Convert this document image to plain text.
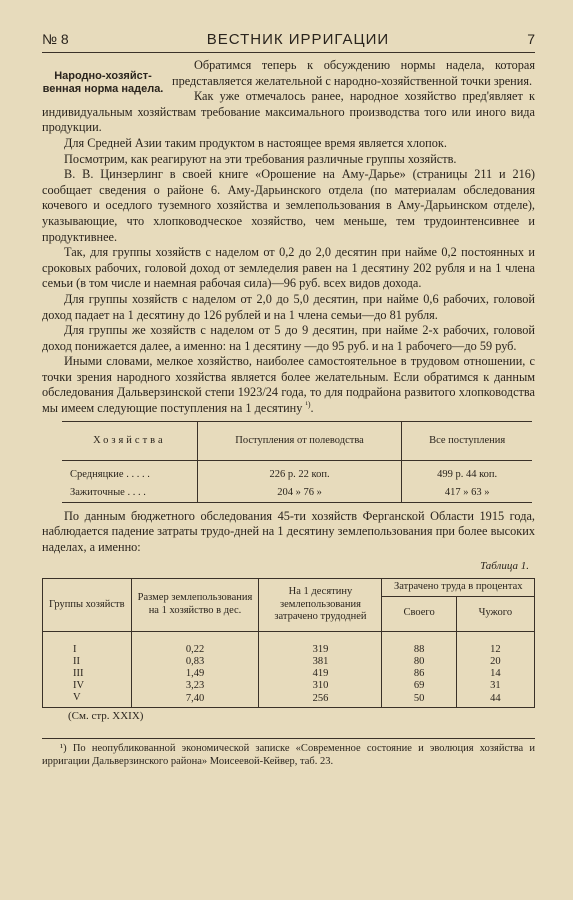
№ 8	ВЕСТНИК ИРРИГАЦИИ	7
Народно-хозяйст-венная норма надела.

Обратимся теперь к обсуждению нормы надела, которая представляется желательной с народно-хозяйственной точки зрения.

Как уже отмечалось ранее, народное хозяйство пред'являет к индивидуальным хозяйствам требование максимального производства того или иного вида продукции.

Для Средней Азии таким продуктом в настоящее время является хлопок.

Посмотрим, как реагируют на эти требования различные группы хозяйств.

В. В. Цинзерлинг в своей книге «Орошение на Аму-Дарье» (страницы 211 и 216) сообщает сведения о районе 6. Аму-Дарьинского отдела (по материалам обследования кочевого и оседлого туземного хозяйства и землепользования в Аму-Дарьинском отделе), указывающие, что хлопководческое хозяйство, чем меньше, тем трудоинтенсивнее и продуктивнее.

Так, для группы хозяйств с наделом от 0,2 до 2,0 десятин при найме 0,2 постоянных и сроковых рабочих, головой доход от земледелия равен на 1 десятину 202 рубля и на 1 члена семьи (в том числе и наемная рабочая сила)—96 руб. всех видов дохода.

Для группы хозяйств с наделом от 2,0 до 5,0 десятин, при найме 0,6 рабочих, головой доход падает на 1 десятину до 126 рублей и на 1 члена семьи—до 81 рубля.

Для группы же хозяйств с наделом от 5 до 9 десятин, при найме 2-х рабочих, головой доход понижается далее, а именно: на 1 десятину —до 95 руб. и на 1 рабочего—до 59 руб.

Иными словами, мелкое хозяйство, наиболее самостоятельное в трудовом отношении, с точки зрения народного хозяйства является более желательным. Если обратимся к данным обследования Дальверзинской степи 1923/24 года, то для подрайона развитого хлопководства мы имеем следующие поступления на 1 десятину $^{^1)}$.

Хозяйства	Поступления от полеводства	Все поступления
Средняцкие . . . . .	226 р. 22 коп.	499 р. 44 коп.
Зажиточные . . . .	204 » 76 »	417 » 63 »

По данным бюджетного обследования 45-ти хозяйств Ферганской Области 1915 года, наблюдается падение затраты трудо-дней на 1 десятину землепользования при более высоких наделах, а именно:

Таблица 1.
Группы хозяйств	Размер землепользования на 1 хозяйство в дес.	На 1 десятину землепользования затрачено трудодней	Затрачено труда в процентах	
			Своего	Чужого
I	0,22	319	88	12
II	0,83	381	80	20
III	1,49	419	86	14
IV	3,23	310	69	31
V	7,40	256	50	44
(См. стр. XXIX)
¹) По неопубликованной экономической записке «Современное состояние и эволюция хозяйства и ирригации Дальверзинского района» Моисеевой-Кейвер, таб. 23.
